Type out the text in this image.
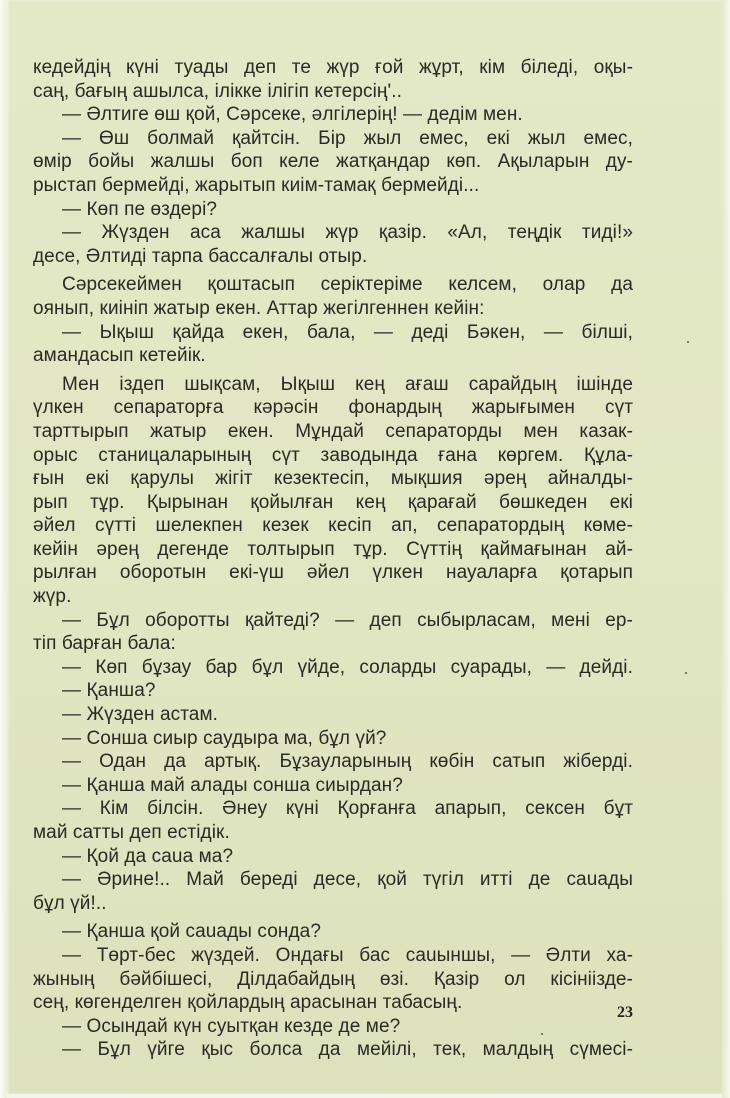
кедейдің күні туады деп те жүр ғой жұрт, кім біледі, оқы-
саң, бағың ашылса, ілікке ілігіп кетерсің'..
— Әлтиге өш қой, Сәрсеке, әлгілерің! — дедім мен.
— Өш болмай қайтсін. Бір жыл емес, екі жыл емес,
өмір бойы жалшы боп келе жатқандар көп. Ақыларын ду-
рыстап бермейді, жарытып киім-тамақ бермейді...
— Көп пе өздері?
— Жүзден аса жалшы жүр қазір. «Ал, теңдік тиді!»
десе, Әлтиді тарпа бассалғалы отыр.
Сәрсекеймен қоштасып серіктеріме келсем, олар да
оянып, киініп жатыр екен. Аттар жегілгеннен кейін:
— Ықыш қайда екен, бала, — деді Бәкен, — білші,
амандасып кетейік.
Мен іздеп шықсам, Ықыш кең ағаш сарайдың ішінде
үлкен сепараторға кәрәсін фонардың жарығымен сүт
тарттырып жатыр екен. Мұндай сепараторды мен казак-
орыс станицаларының сүт заводында ғана көргем. Құла-
ғын екі қарулы жігіт кезектесіп, мықшия әрең айналды-
рып тұр. Қырынан қойылған кең қарағай бөшкеден екі
әйел сүтті шелекпен кезек кесіп ап, сепаратордың көме-
кейін әрең дегенде толтырып тұр. Сүттің қаймағынан ай-
рылған оборотын екі-үш әйел үлкен науаларға қотарып
жүр.
— Бұл оборотты қайтеді? — деп сыбырласам, мені ер-
тіп барған бала:
— Көп бұзау бар бұл үйде, соларды суарады, — дейді.
— Қанша?
— Жүзден астам.
— Сонша сиыр саудыра ма, бұл үй?
— Одан да артық. Бұзауларының көбін сатып жіберді.
— Қанша май алады сонша сиырдан?
— Кім білсін. Әнеу күні Қорғанға апарып, сексен бұт
май сатты деп естідік.
— Қой да саua ма?
— Әрине!.. Май береді десе, қой түгіл итті де саuады
бұл үй!..
— Қанша қой саuады сонда?
— Төрт-бес жүздей. Ондағы бас саuыншы, — Әлти ха-
жының бәйбішесі, Ділдабайдың өзі. Қазір ол кісініізде-
сең, көгенделген қойлардың арасынан табасың.
— Осындай күн суытқан кезде де ме?
— Бұл үйге қыс болса да мейілі, тек, малдың сүмесі-
23
